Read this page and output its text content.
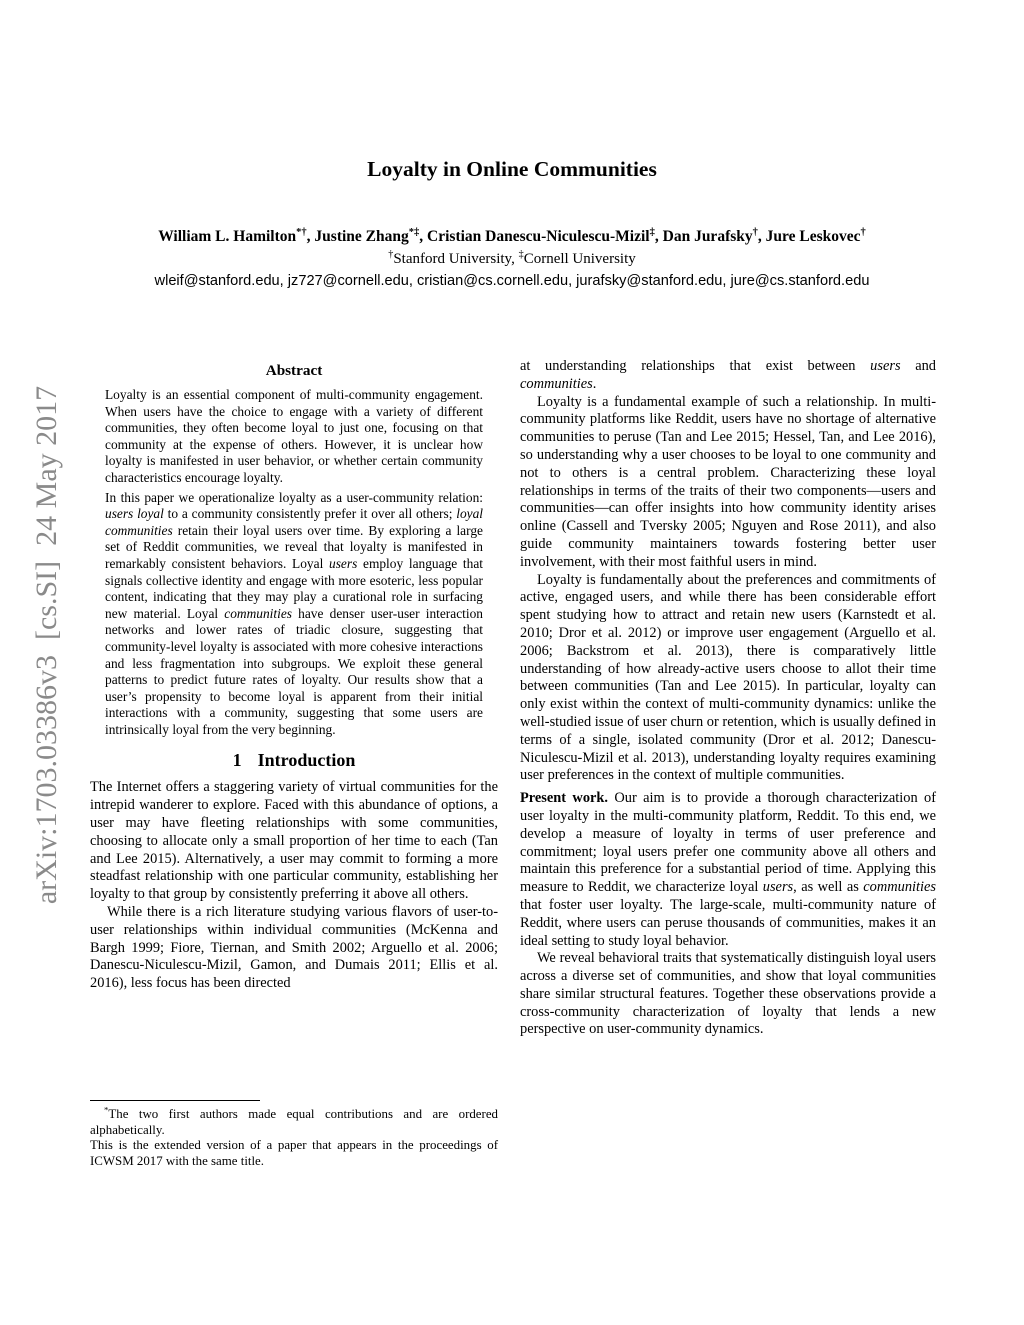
arXiv:1703.03386v3  [cs.SI]  24 May 2017
Loyalty in Online Communities
William L. Hamilton*†, Justine Zhang*‡, Cristian Danescu-Niculescu-Mizil‡, Dan Jurafsky†, Jure Leskovec†
†Stanford University, ‡Cornell University
wleif@stanford.edu, jz727@cornell.edu, cristian@cs.cornell.edu, jurafsky@stanford.edu, jure@cs.stanford.edu
Abstract

Loyalty is an essential component of multi-community engagement. When users have the choice to engage with a variety of different communities, they often become loyal to just one, focusing on that community at the expense of others. However, it is unclear how loyalty is manifested in user behavior, or whether certain community characteristics encourage loyalty.

In this paper we operationalize loyalty as a user-community relation: users loyal to a community consistently prefer it over all others; loyal communities retain their loyal users over time. By exploring a large set of Reddit communities, we reveal that loyalty is manifested in remarkably consistent behaviors. Loyal users employ language that signals collective identity and engage with more esoteric, less popular content, indicating that they may play a curational role in surfacing new material. Loyal communities have denser user-user interaction networks and lower rates of triadic closure, suggesting that community-level loyalty is associated with more cohesive interactions and less fragmentation into subgroups. We exploit these general patterns to predict future rates of loyalty. Our results show that a user’s propensity to become loyal is apparent from their initial interactions with a community, suggesting that some users are intrinsically loyal from the very beginning.

1 Introduction

The Internet offers a staggering variety of virtual communities for the intrepid wanderer to explore. Faced with this abundance of options, a user may have fleeting relationships with some communities, choosing to allocate only a small proportion of her time to each (Tan and Lee 2015). Alternatively, a user may commit to forming a more steadfast relationship with one particular community, establishing her loyalty to that group by consistently preferring it above all others.

While there is a rich literature studying various flavors of user-to-user relationships within individual communities (McKenna and Bargh 1999; Fiore, Tiernan, and Smith 2002; Arguello et al. 2006; Danescu-Niculescu-Mizil, Gamon, and Dumais 2011; Ellis et al. 2016), less focus has been directed

at understanding relationships that exist between users and communities.

Loyalty is a fundamental example of such a relationship. In multi-community platforms like Reddit, users have no shortage of alternative communities to peruse (Tan and Lee 2015; Hessel, Tan, and Lee 2016), so understanding why a user chooses to be loyal to one community and not to others is a central problem. Characterizing these loyal relationships in terms of the traits of their two components—users and communities—can offer insights into how community identity arises online (Cassell and Tversky 2005; Nguyen and Rose 2011), and also guide community maintainers towards fostering better user involvement, with their most faithful users in mind.

Loyalty is fundamentally about the preferences and commitments of active, engaged users, and while there has been considerable effort spent studying how to attract and retain new users (Karnstedt et al. 2010; Dror et al. 2012) or improve user engagement (Arguello et al. 2006; Backstrom et al. 2013), there is comparatively little understanding of how already-active users choose to allot their time between communities (Tan and Lee 2015). In particular, loyalty can only exist within the context of multi-community dynamics: unlike the well-studied issue of user churn or retention, which is usually defined in terms of a single, isolated community (Dror et al. 2012; Danescu-Niculescu-Mizil et al. 2013), understanding loyalty requires examining user preferences in the context of multiple communities.

Present work. Our aim is to provide a thorough characterization of user loyalty in the multi-community platform, Reddit. To this end, we develop a measure of loyalty in terms of user preference and commitment; loyal users prefer one community above all others and maintain this preference for a substantial period of time. Applying this measure to Reddit, we characterize loyal users, as well as communities that foster user loyalty. The large-scale, multi-community nature of Reddit, where users can peruse thousands of communities, makes it an ideal setting to study loyal behavior.

We reveal behavioral traits that systematically distinguish loyal users across a diverse set of communities, and show that loyal communities share similar structural features. Together these observations provide a cross-community characterization of loyalty that lends a new perspective on user-community dynamics.

*The two first authors made equal contributions and are ordered alphabetically.

This is the extended version of a paper that appears in the proceedings of ICWSM 2017 with the same title.
